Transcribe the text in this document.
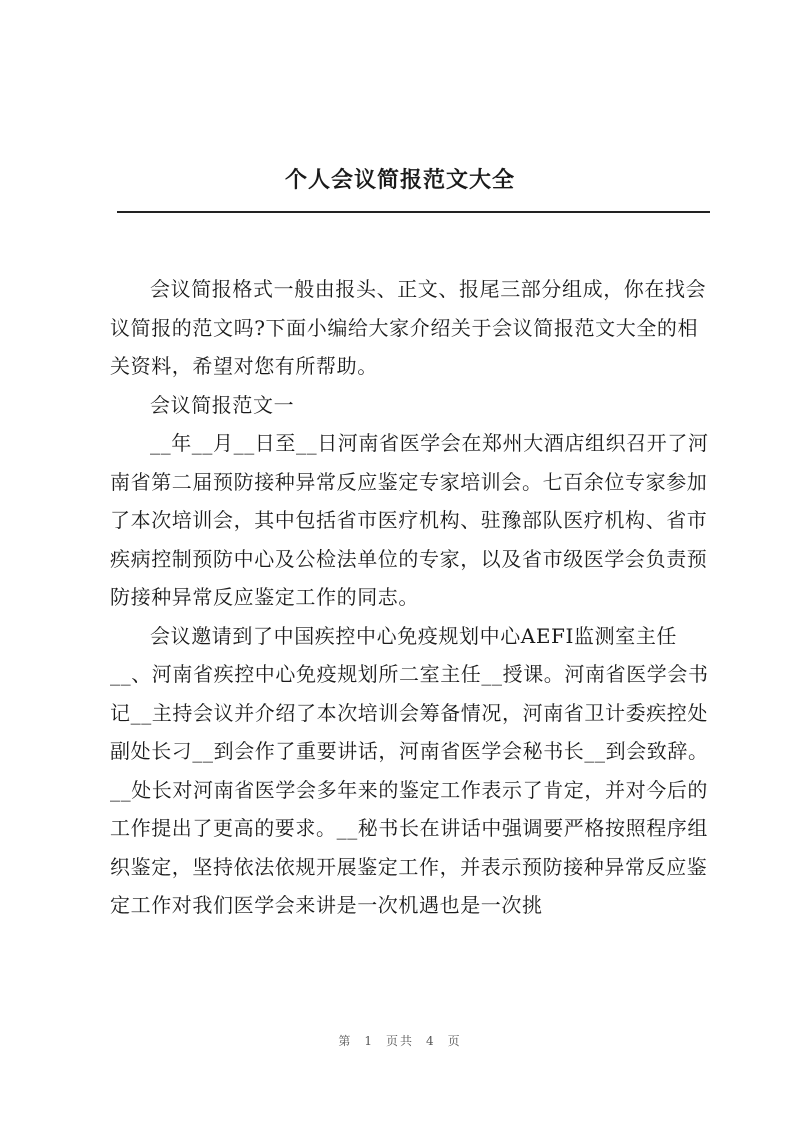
个人会议简报范文大全

会议简报格式一般由报头、正文、报尾三部分组成，你在找会议简报的范文吗?下面小编给大家介绍关于会议简报范文大全的相关资料，希望对您有所帮助。

会议简报范文一

__年__月__日至__日河南省医学会在郑州大酒店组织召开了河南省第二届预防接种异常反应鉴定专家培训会。七百余位专家参加了本次培训会，其中包括省市医疗机构、驻豫部队医疗机构、省市疾病控制预防中心及公检法单位的专家，以及省市级医学会负责预防接种异常反应鉴定工作的同志。

会议邀请到了中国疾控中心免疫规划中心AEFI监测室主任__、河南省疾控中心免疫规划所二室主任__授课。河南省医学会书记__主持会议并介绍了本次培训会筹备情况，河南省卫计委疾控处副处长刁__到会作了重要讲话，河南省医学会秘书长__到会致辞。__处长对河南省医学会多年来的鉴定工作表示了肯定，并对今后的工作提出了更高的要求。__秘书长在讲话中强调要严格按照程序组织鉴定，坚持依法依规开展鉴定工作，并表示预防接种异常反应鉴定工作对我们医学会来讲是一次机遇也是一次挑

第 1 页共 4 页
